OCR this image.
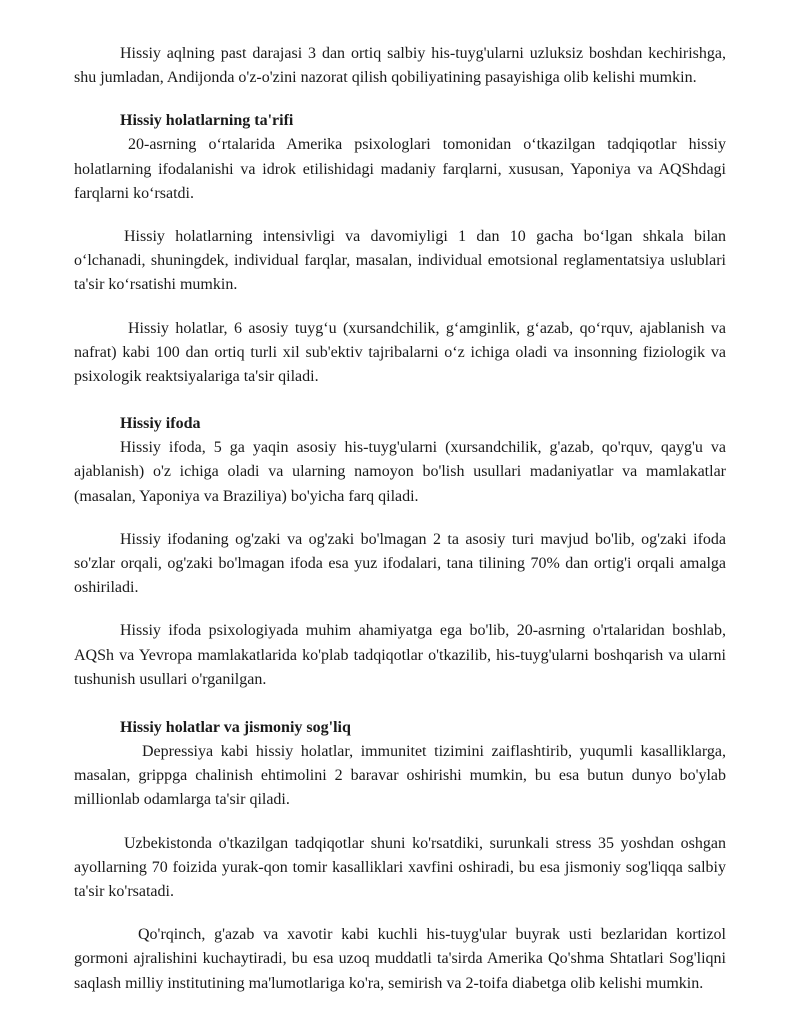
Hissiy aqlning past darajasi 3 dan ortiq salbiy his-tuyg'ularni uzluksiz boshdan kechirishga, shu jumladan, Andijonda o'z-o'zini nazorat qilish qobiliyatining pasayishiga olib kelishi mumkin.

Hissiy holatlarning ta'rifi

20-asrning o‘rtalarida Amerika psixologlari tomonidan o‘tkazilgan tadqiqotlar hissiy holatlarning ifodalanishi va idrok etilishidagi madaniy farqlarni, xususan, Yaponiya va AQShdagi farqlarni ko‘rsatdi.

Hissiy holatlarning intensivligi va davomiyligi 1 dan 10 gacha bo‘lgan shkala bilan o‘lchanadi, shuningdek, individual farqlar, masalan, individual emotsional reglamentatsiya uslublari ta'sir ko‘rsatishi mumkin.

Hissiy holatlar, 6 asosiy tuyg‘u (xursandchilik, g‘amginlik, g‘azab, qo‘rquv, ajablanish va nafrat) kabi 100 dan ortiq turli xil sub'ektiv tajribalarni o‘z ichiga oladi va insonning fiziologik va psixologik reaktsiyalariga ta'sir qiladi.

Hissiy ifoda

Hissiy ifoda, 5 ga yaqin asosiy his-tuyg'ularni (xursandchilik, g'azab, qo'rquv, qayg'u va ajablanish) o'z ichiga oladi va ularning namoyon bo'lish usullari madaniyatlar va mamlakatlar (masalan, Yaponiya va Braziliya) bo'yicha farq qiladi.

Hissiy ifodaning og'zaki va og'zaki bo'lmagan 2 ta asosiy turi mavjud bo'lib, og'zaki ifoda so'zlar orqali, og'zaki bo'lmagan ifoda esa yuz ifodalari, tana tilining 70% dan ortig'i orqali amalga oshiriladi.

Hissiy ifoda psixologiyada muhim ahamiyatga ega bo'lib, 20-asrning o'rtalaridan boshlab, AQSh va Yevropa mamlakatlarida ko'plab tadqiqotlar o'tkazilib, his-tuyg'ularni boshqarish va ularni tushunish usullari o'rganilgan.

Hissiy holatlar va jismoniy sog'liq

Depressiya kabi hissiy holatlar, immunitet tizimini zaiflashtirib, yuqumli kasalliklarga, masalan, grippga chalinish ehtimolini 2 baravar oshirishi mumkin, bu esa butun dunyo bo'ylab millionlab odamlarga ta'sir qiladi.

Uzbekistonda o'tkazilgan tadqiqotlar shuni ko'rsatdiki, surunkali stress 35 yoshdan oshgan ayollarning 70 foizida yurak-qon tomir kasalliklari xavfini oshiradi, bu esa jismoniy sog'liqqa salbiy ta'sir ko'rsatadi.

Qo'rqinch, g'azab va xavotir kabi kuchli his-tuyg'ular buyrak usti bezlaridan kortizol gormoni ajralishini kuchaytiradi, bu esa uzoq muddatli ta'sirda Amerika Qo'shma Shtatlari Sog'liqni saqlash milliy institutining ma'lumotlariga ko'ra, semirish va 2-toifa diabetga olib kelishi mumkin.
